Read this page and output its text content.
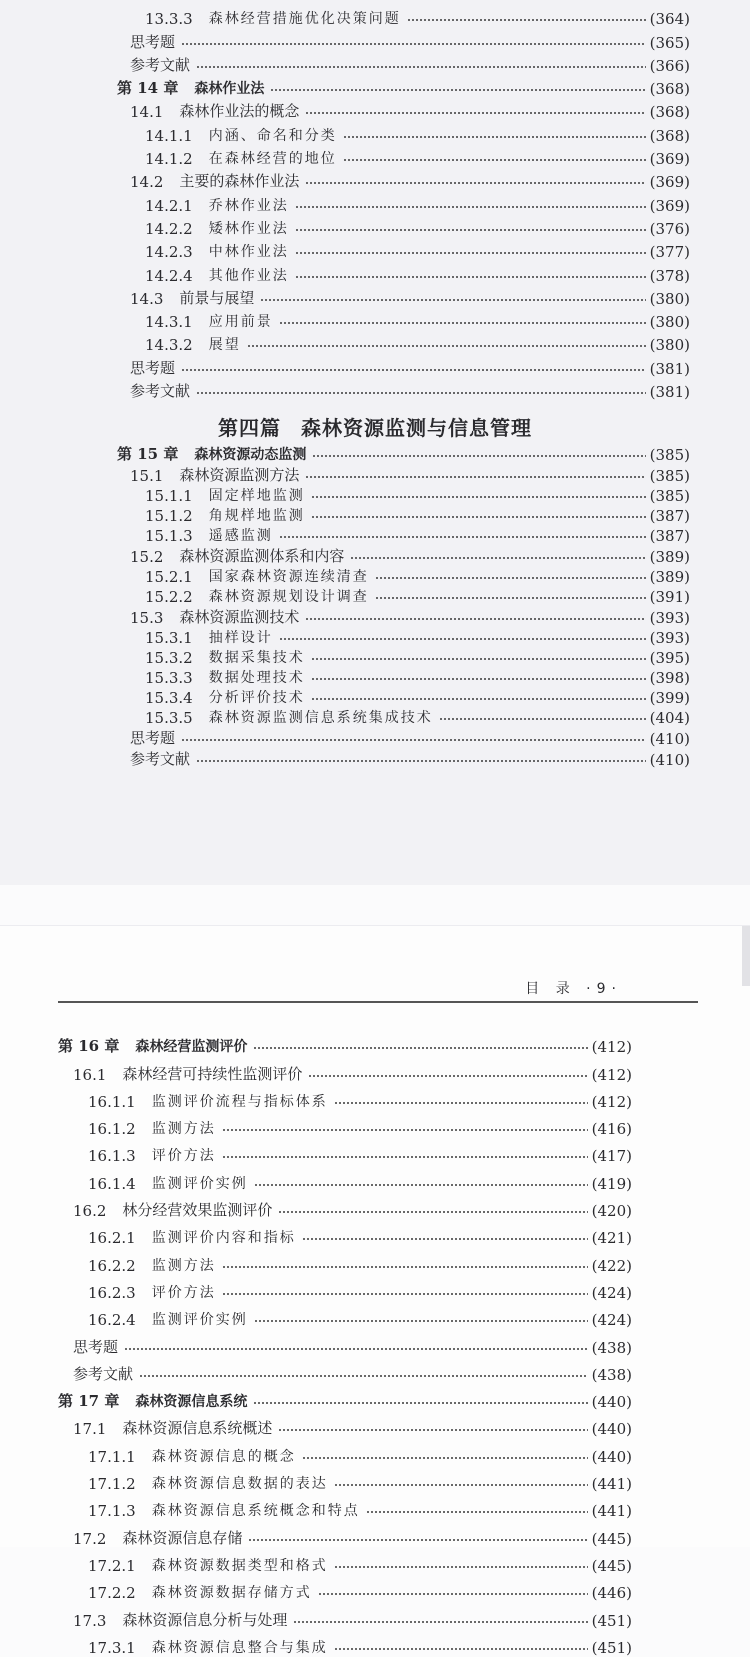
13.3.3 森林经营措施优化决策问题	(364)
思考题	(365)
参考文献	(366)
第 14 章 森林作业法	(368)
14.1 森林作业法的概念	(368)
14.1.1 内涵、命名和分类	(368)
14.1.2 在森林经营的地位	(369)
14.2 主要的森林作业法	(369)
14.2.1 乔林作业法	(369)
14.2.2 矮林作业法	(376)
14.2.3 中林作业法	(377)
14.2.4 其他作业法	(378)
14.3 前景与展望	(380)
14.3.1 应用前景	(380)
14.3.2 展望	(380)
思考题	(381)
参考文献	(381)
第四篇 森林资源监测与信息管理
第 15 章 森林资源动态监测	(385)
15.1 森林资源监测方法	(385)
15.1.1 固定样地监测	(385)
15.1.2 角规样地监测	(387)
15.1.3 遥感监测	(387)
15.2 森林资源监测体系和内容	(389)
15.2.1 国家森林资源连续清查	(389)
15.2.2 森林资源规划设计调查	(391)
15.3 森林资源监测技术	(393)
15.3.1 抽样设计	(393)
15.3.2 数据采集技术	(395)
15.3.3 数据处理技术	(398)
15.3.4 分析评价技术	(399)
15.3.5 森林资源监测信息系统集成技术	(404)
思考题	(410)
参考文献	(410)
目 录 ·9·
第 16 章 森林经营监测评价	(412)
16.1 森林经营可持续性监测评价	(412)
16.1.1 监测评价流程与指标体系	(412)
16.1.2 监测方法	(416)
16.1.3 评价方法	(417)
16.1.4 监测评价实例	(419)
16.2 林分经营效果监测评价	(420)
16.2.1 监测评价内容和指标	(421)
16.2.2 监测方法	(422)
16.2.3 评价方法	(424)
16.2.4 监测评价实例	(424)
思考题	(438)
参考文献	(438)
第 17 章 森林资源信息系统	(440)
17.1 森林资源信息系统概述	(440)
17.1.1 森林资源信息的概念	(440)
17.1.2 森林资源信息数据的表达	(441)
17.1.3 森林资源信息系统概念和特点	(441)
17.2 森林资源信息存储	(445)
17.2.1 森林资源数据类型和格式	(445)
17.2.2 森林资源数据存储方式	(446)
17.3 森林资源信息分析与处理	(451)
17.3.1 森林资源信息整合与集成	(451)
